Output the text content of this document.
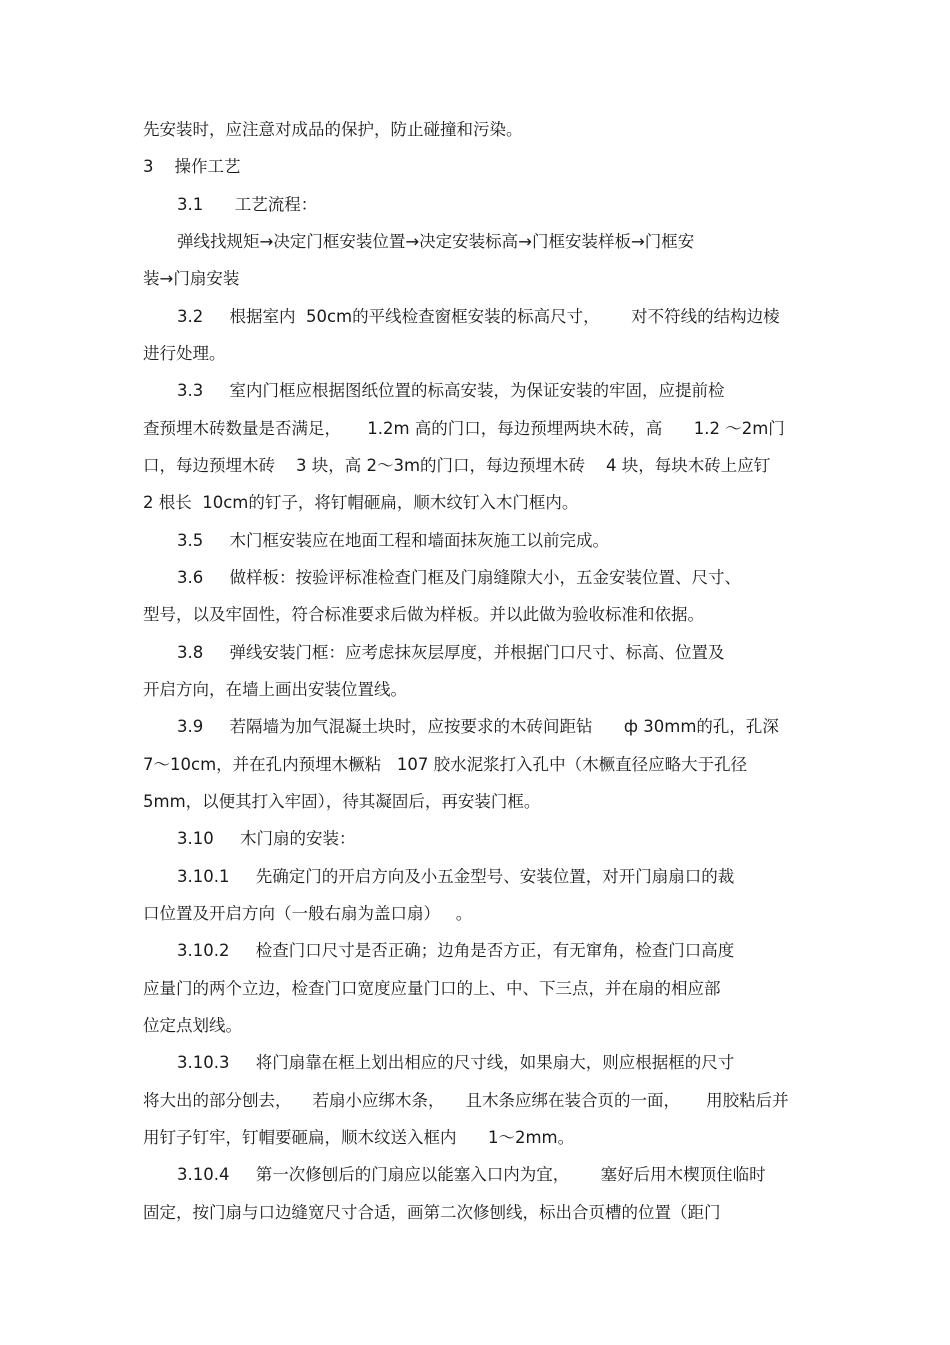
先安装时，应注意对成品的保护，防止碰撞和污染。
3    操作工艺
3.1      工艺流程：
弹线找规矩→决定门框安装位置→决定安装标高→门框安装样板→门框安
装→门扇安装
3.2     根据室内  50cm的平线检查窗框安装的标高尺寸，      对不符线的结构边棱
进行处理。
3.3     室内门框应根据图纸位置的标高安装，为保证安装的牢固，应提前检
查预埋木砖数量是否满足，     1.2m 高的门口，每边预埋两块木砖，高      1.2 ～2m门
口，每边预埋木砖    3 块，高 2～3m的门口，每边预埋木砖    4 块，每块木砖上应钉
2 根长  10cm的钉子，将钉帽砸扁，顺木纹钉入木门框内。
3.5     木门框安装应在地面工程和墙面抹灰施工以前完成。
3.6     做样板：按验评标准检查门框及门扇缝隙大小，五金安装位置、尺寸、
型号，以及牢固性，符合标准要求后做为样板。并以此做为验收标准和依据。
3.8     弹线安装门框：应考虑抹灰层厚度，并根据门口尺寸、标高、位置及
开启方向，在墙上画出安装位置线。
3.9     若隔墙为加气混凝土块时，应按要求的木砖间距钻      ф 30mm的孔，孔深
7～10cm，并在孔内预埋木橛粘   107 胶水泥浆打入孔中（木橛直径应略大于孔径
5mm，以便其打入牢固），待其凝固后，再安装门框。
3.10     木门扇的安装：
3.10.1     先确定门的开启方向及小五金型号、安装位置，对开门扇扇口的裁
口位置及开启方向（一般右扇为盖口扇）   。
3.10.2     检查门口尺寸是否正确；边角是否方正，有无窜角，检查门口高度
应量门的两个立边，检查门口宽度应量门口的上、中、下三点，并在扇的相应部
位定点划线。
3.10.3     将门扇靠在框上划出相应的尺寸线，如果扇大，则应根据框的尺寸
将大出的部分刨去，    若扇小应绑木条，    且木条应绑在装合页的一面，     用胶粘后并
用钉子钉牢，钉帽要砸扁，顺木纹送入框内      1～2mm。
3.10.4     第一次修刨后的门扇应以能塞入口内为宜，      塞好后用木楔顶住临时
固定，按门扇与口边缝宽尺寸合适，画第二次修刨线，标出合页槽的位置（距门
